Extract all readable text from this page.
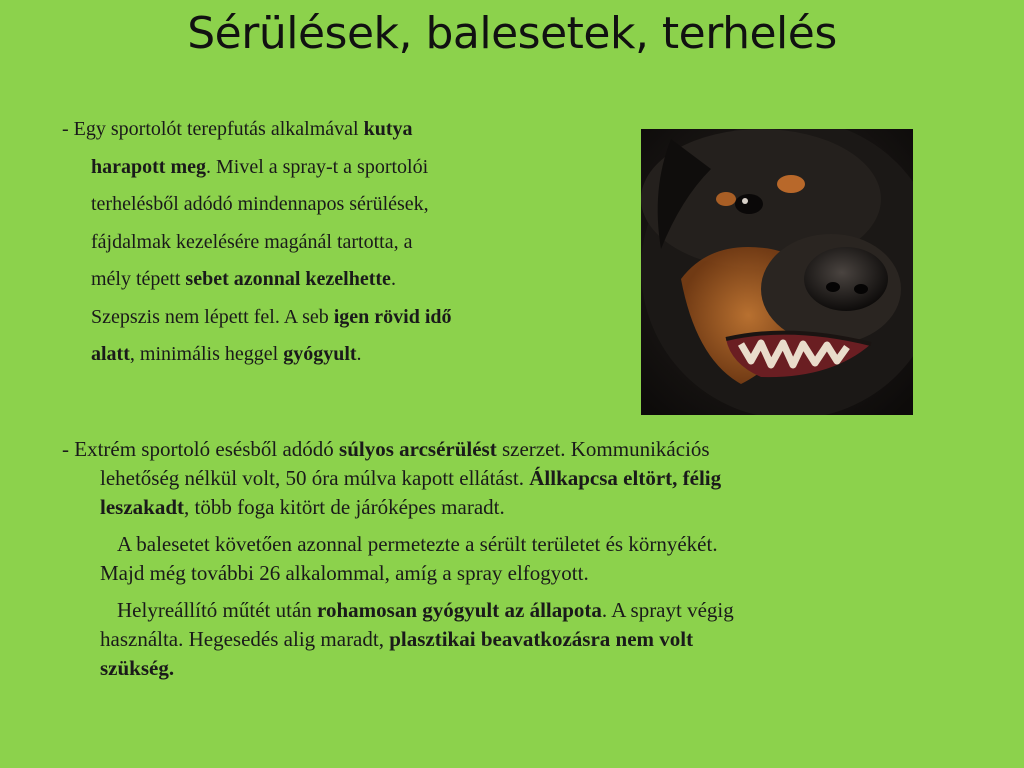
Sérülések, balesetek, terhelés
- Egy sportolót terepfutás alkalmával kutya
harapott meg. Mivel a spray-t a sportolói
terhelésből adódó mindennapos sérülések,
fájdalmak kezelésére magánál tartotta, a
mély tépett sebet azonnal kezelhette.
Szepszis nem lépett fel. A seb igen rövid idő
alatt, minimális heggel gyógyult.
- Extrém sportoló esésből adódó súlyos arcsérülést szerzet. Kommunikációs
lehetőség nélkül volt, 50 óra múlva kapott ellátást. Állkapcsa eltört, félig
leszakadt, több foga kitört de járóképes maradt.
A balesetet követően azonnal permetezte a sérült területet és környékét.
Majd még további 26 alkalommal, amíg a spray elfogyott.
Helyreállító műtét után rohamosan gyógyult az állapota. A sprayt végig
használta. Hegesedés alig maradt, plasztikai beavatkozásra nem volt
szükség.
